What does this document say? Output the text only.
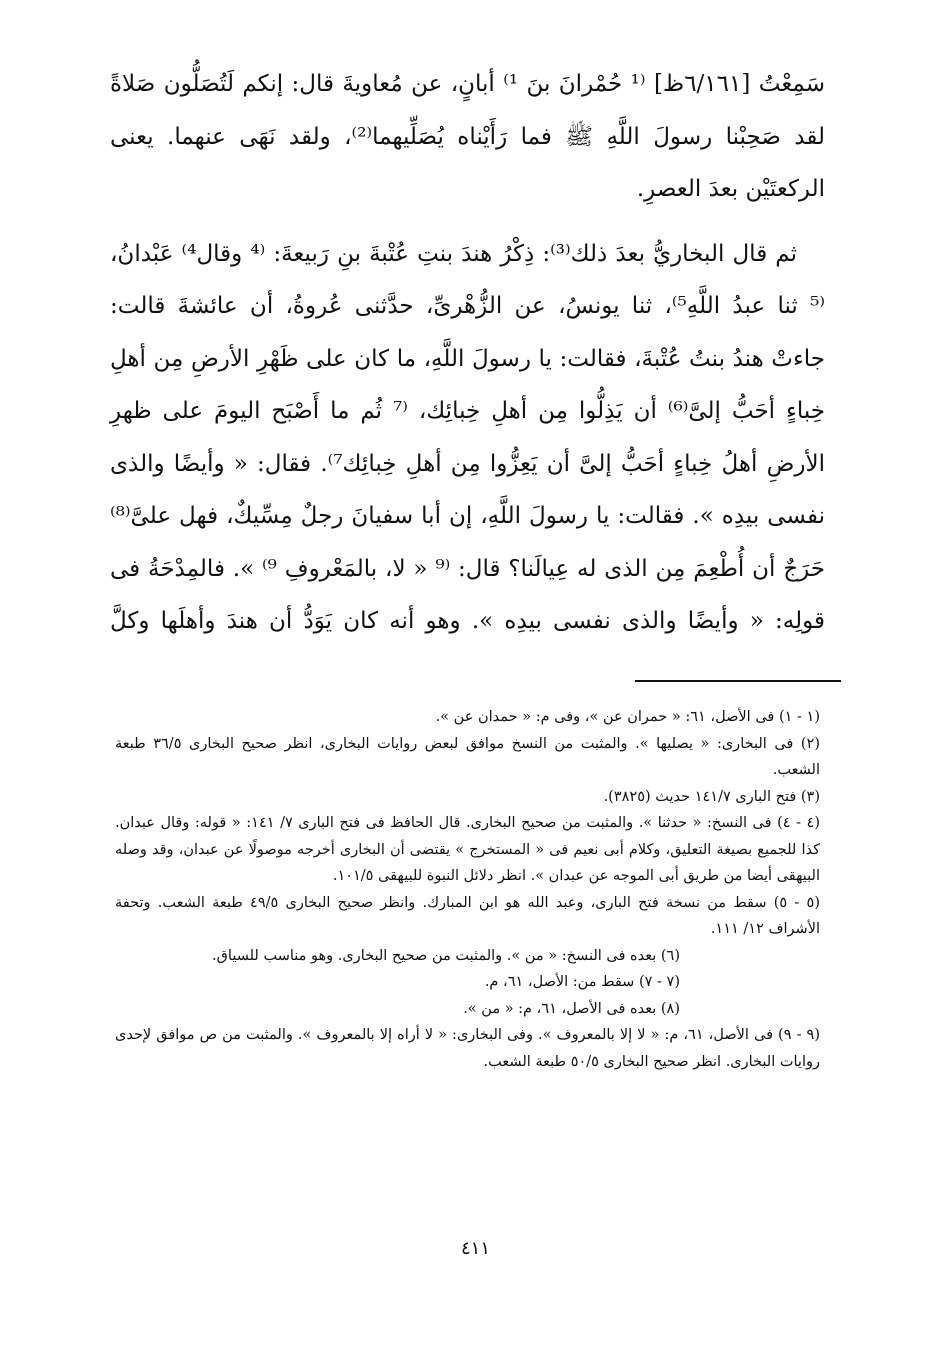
سَمِعْتُ [٦/١٦١ظ] ⁽¹ حُمْرانَ بنَ ¹⁾ أبانٍ، عن مُعاويةَ قال: إنكم لَتُصَلُّون صَلاةً لقد صَحِبْنا رسولَ اللَّهِ ﷺ فما رَأَيْناه يُصَلِّيهما⁽²⁾، ولقد نَهَى عنهما. يعنى الركعتَيْن بعدَ العصرِ.

ثم قال البخاريُّ بعدَ ذلك⁽³⁾: ذِكْرُ هندَ بنتِ عُتْبةَ بنِ رَبيعةَ: ⁽⁴ وقال⁴⁾ عَبْدانُ، ⁽⁵ ثنا عبدُ اللَّهِ⁵⁾، ثنا يونسُ، عن الزُّهْرىِّ، حدَّثنى عُروةُ، أن عائشةَ قالت: جاءتْ هندُ بنتُ عُتْبةَ، فقالت: يا رسولَ اللَّهِ، ما كان على ظَهْرِ الأرضِ مِن أهلِ خِباءٍ أحَبُّ إلىَّ⁽⁶⁾ أن يَذِلُّوا مِن أهلِ خِبائِك، ⁽⁷ ثُم ما أَصْبَح اليومَ على ظهرِ الأرضِ أهلُ خِباءٍ أحَبُّ إلىَّ أن يَعِزُّوا مِن أهلِ خِبائِك⁷⁾. فقال: « وأيضًا والذى نفسى بيدِه ». فقالت: يا رسولَ اللَّهِ، إن أبا سفيانَ رجلٌ مِسِّيكٌ، فهل علىَّ⁽⁸⁾ حَرَجٌ أن أُطْعِمَ مِن الذى له عِيالَنا؟ قال: ⁽⁹ « لا، بالمَعْروفِ ⁹⁾ ». فالمِدْحَةُ فى قولِه: « وأيضًا والذى نفسى بيدِه ». وهو أنه كان يَوَدُّ أن هندَ وأهلَها وكلَّ

(١ - ١) فى الأصل، ٦١: « حمران عن »، وفى م: « حمدان عن ».

(٢) فى البخارى: « يصليها ». والمثبت من النسخ موافق لبعض روايات البخارى، انظر صحيح البخارى ٣٦/٥ طبعة الشعب.

(٣) فتح البارى ١٤١/٧ حديث (٣٨٢٥).

(٤ - ٤) فى النسخ: « حدثنا ». والمثبت من صحيح البخارى. قال الحافظ فى فتح البارى ٧/ ١٤١: « قوله: وقال عبدان. كذا للجميع بصيغة التعليق، وكلام أبى نعيم فى « المستخرج » يقتضى أن البخارى أخرجه موصولًا عن عبدان، وقد وصله البيهقى أيضا من طريق أبى الموجه عن عبدان ». انظر دلائل النبوة للبيهقى ١٠١/٥.

(٥ - ٥) سقط من نسخة فتح البارى، وعبد الله هو ابن المبارك. وانظر صحيح البخارى ٤٩/٥ طبعة الشعب. وتحفة الأشراف ١٢/ ١١١.

(٦) بعده فى النسخ: « من ». والمثبت من صحيح البخارى. وهو مناسب للسياق.

(٧ - ٧) سقط من: الأصل، ٦١، م.

(٨) بعده فى الأصل، ٦١، م: « من ».

(٩ - ٩) فى الأصل، ٦١، م: « لا إلا بالمعروف ». وفى البخارى: « لا أراه إلا بالمعروف ». والمثبت من ص موافق لإحدى روايات البخارى. انظر صحيح البخارى ٥٠/٥ طبعة الشعب.

٤١١
